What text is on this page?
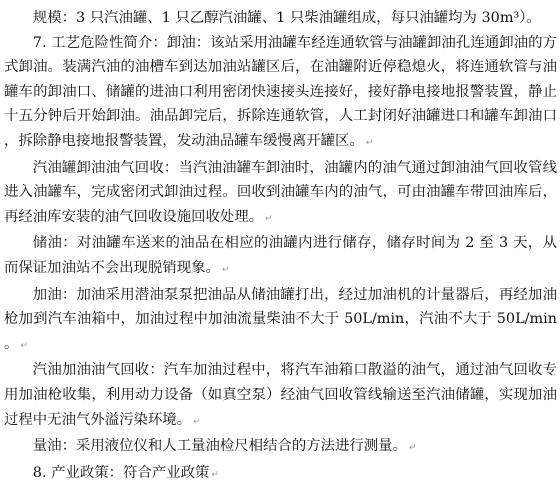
规模：3 只汽油罐、1 只乙醇汽油罐、1 只柴油罐组成，每只油罐均为 30m³）。

7. 工艺危险性简介：卸油：该站采用油罐车经连通软管与油罐卸油孔连通卸油的方式卸油。装满汽油的油槽车到达加油站罐区后，在油罐附近停稳熄火，将连通软管与油罐车的卸油口、储罐的进油口利用密闭快速接头连接好，接好静电接地报警装置，静止十五分钟后开始卸油。油品卸完后，拆除连通软管，人工封闭好油罐进口和罐车卸油口，拆除静电接地报警装置，发动油品罐车缓慢离开罐区。 ↵

汽油罐卸油油气回收：当汽油油罐车卸油时，油罐内的油气通过卸油油气回收管线进入油罐车，完成密闭式卸油过程。回收到油罐车内的油气，可由油罐车带回油库后，再经油库安装的油气回收设施回收处理。 ↵

储油：对油罐车送来的油品在相应的油罐内进行储存，储存时间为 2 至 3 天，从而保证加油站不会出现脱销现象。 ↵

加油：加油采用潜油泵泵把油品从储油罐打出，经过加油机的计量器后，再经加油枪加到汽车油箱中，加油过程中加油流量柴油不大于 50L/min，汽油不大于 50L/min。 ↵

汽油加油油气回收：汽车加油过程中，将汽车油箱口散溢的油气，通过油气回收专用加油枪收集，利用动力设备（如真空泵）经油气回收管线输送至汽油储罐，实现加油过程中无油气外溢污染环境。 ↵

量油：采用液位仪和人工量油检尺相结合的方法进行测量。 ↵

8. 产业政策：符合产业政策 ↵
